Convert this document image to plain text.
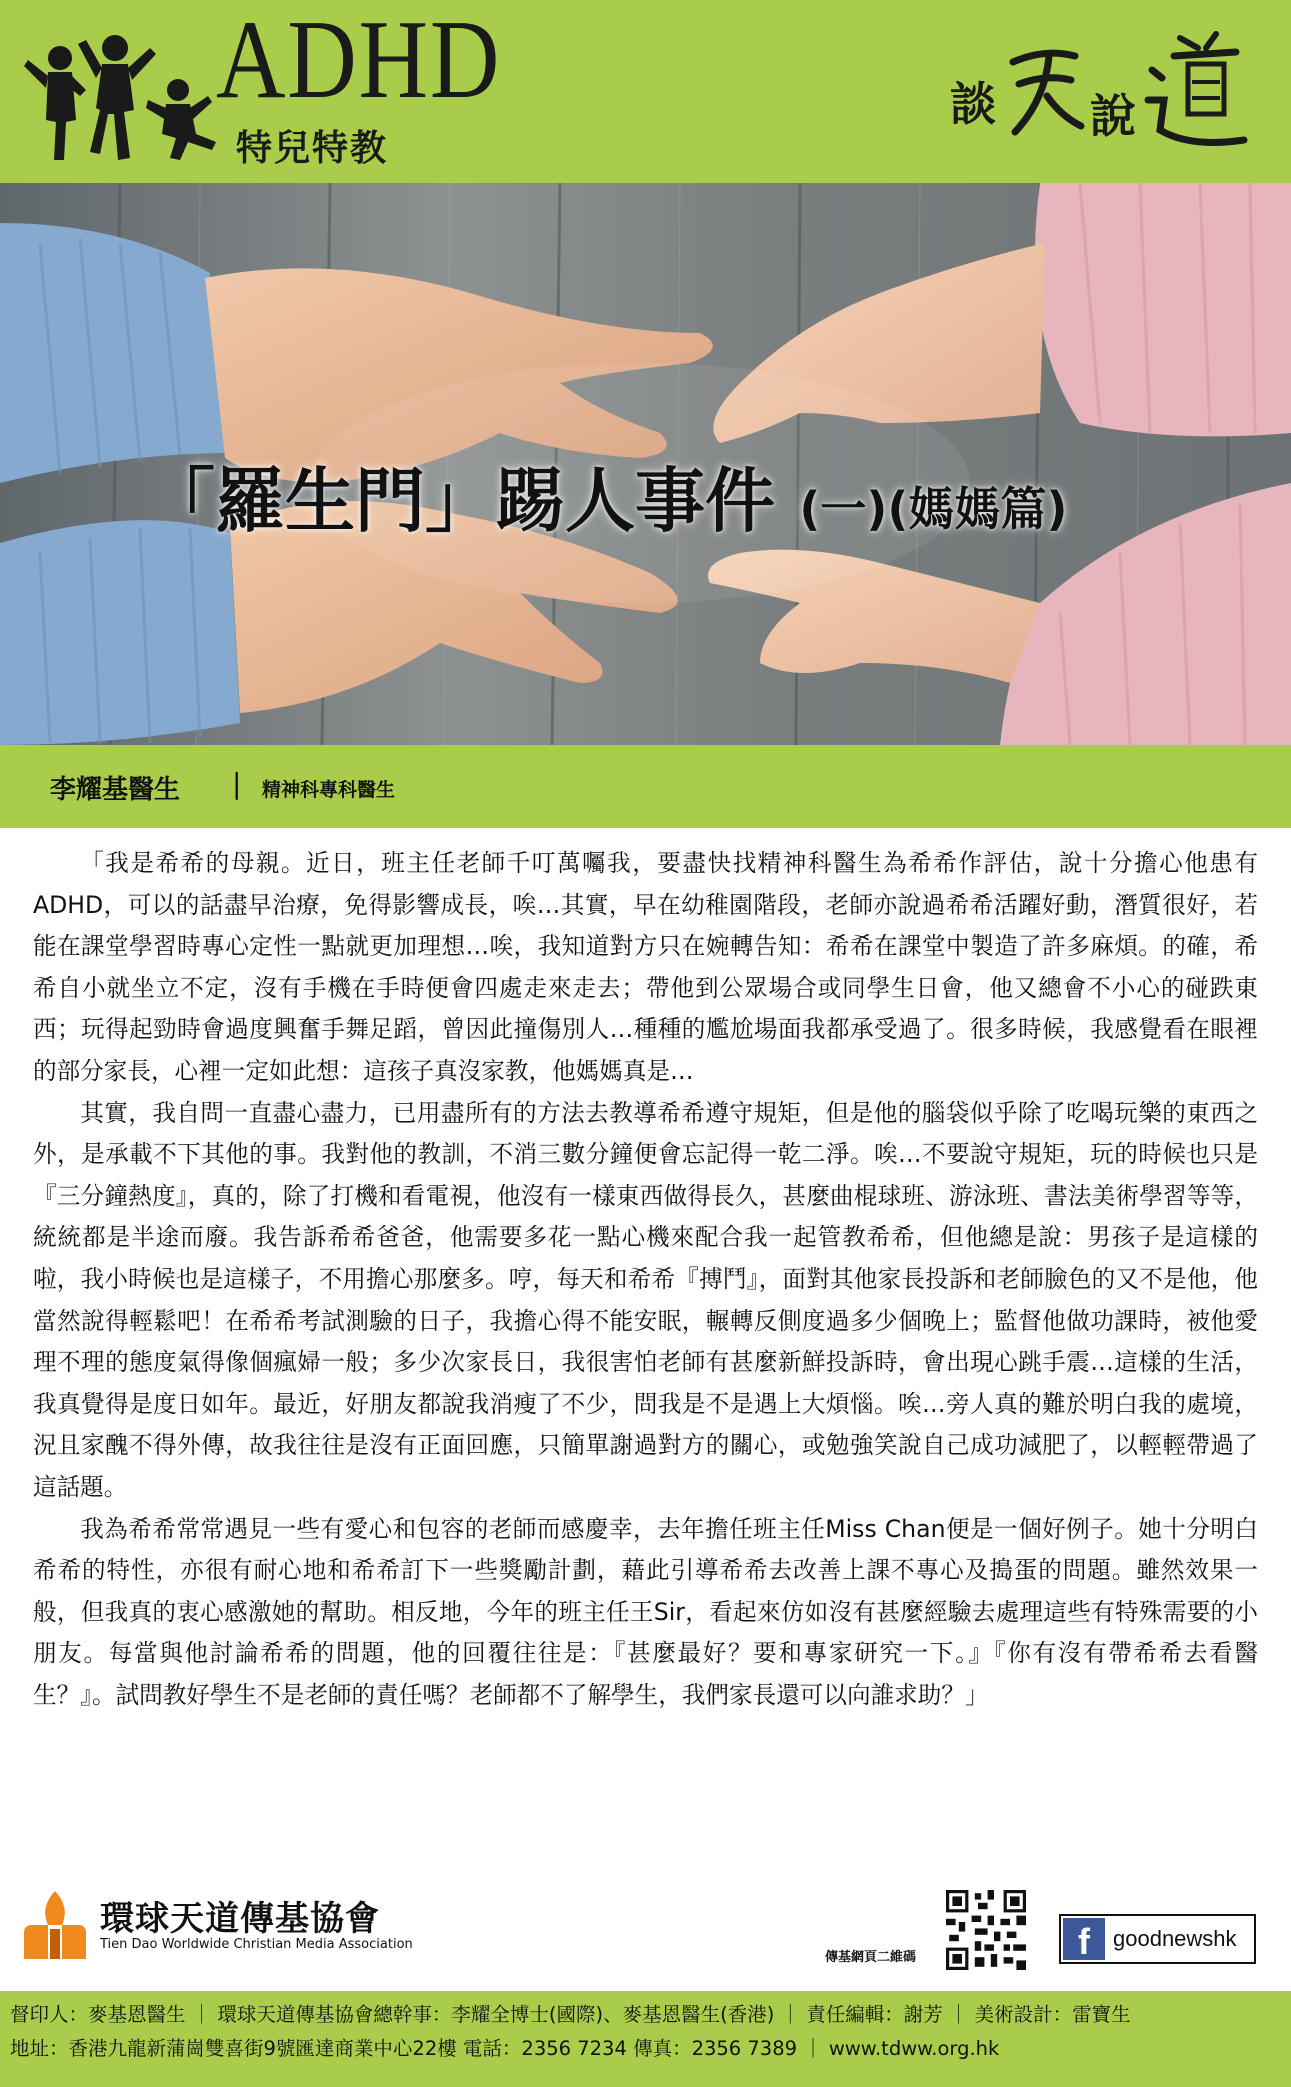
ADHD
特兒特教
談 說
「羅生門」踢人事件 (一)(媽媽篇)
李耀基醫生 | 精神科專科醫生

「我是希希的母親。近日，班主任老師千叮萬囑我，要盡快找精神科醫生為希希作評估，說十分擔心他患有ADHD，可以的話盡早治療，免得影響成長，唉…其實，早在幼稚園階段，老師亦說過希希活躍好動，潛質很好，若能在課堂學習時專心定性一點就更加理想…唉，我知道對方只在婉轉告知：希希在課堂中製造了許多麻煩。的確，希希自小就坐立不定，沒有手機在手時便會四處走來走去；帶他到公眾場合或同學生日會，他又總會不小心的碰跌東西；玩得起勁時會過度興奮手舞足蹈，曾因此撞傷別人…種種的尷尬場面我都承受過了。很多時候，我感覺看在眼裡的部分家長，心裡一定如此想：這孩子真沒家教，他媽媽真是…

其實，我自問一直盡心盡力，已用盡所有的方法去教導希希遵守規矩，但是他的腦袋似乎除了吃喝玩樂的東西之外，是承載不下其他的事。我對他的教訓，不消三數分鐘便會忘記得一乾二淨。唉…不要說守規矩，玩的時候也只是『三分鐘熱度』，真的，除了打機和看電視，他沒有一樣東西做得長久，甚麼曲棍球班、游泳班、書法美術學習等等，統統都是半途而廢。我告訴希希爸爸，他需要多花一點心機來配合我一起管教希希，但他總是說：男孩子是這樣的啦，我小時候也是這樣子，不用擔心那麼多。哼，每天和希希『搏鬥』，面對其他家長投訴和老師臉色的又不是他，他當然說得輕鬆吧！在希希考試測驗的日子，我擔心得不能安眠，輾轉反側度過多少個晚上；監督他做功課時，被他愛理不理的態度氣得像個瘋婦一般；多少次家長日，我很害怕老師有甚麼新鮮投訴時，會出現心跳手震…這樣的生活，我真覺得是度日如年。最近，好朋友都說我消瘦了不少，問我是不是遇上大煩惱。唉…旁人真的難於明白我的處境，況且家醜不得外傳，故我往往是沒有正面回應，只簡單謝過對方的關心，或勉強笑說自己成功減肥了，以輕輕帶過了這話題。

我為希希常常遇見一些有愛心和包容的老師而感慶幸，去年擔任班主任Miss Chan便是一個好例子。她十分明白希希的特性，亦很有耐心地和希希訂下一些獎勵計劃，藉此引導希希去改善上課不專心及搗蛋的問題。雖然效果一般，但我真的衷心感激她的幫助。相反地，今年的班主任王Sir，看起來仿如沒有甚麼經驗去處理這些有特殊需要的小朋友。每當與他討論希希的問題，他的回覆往往是：『甚麼最好？要和專家研究一下。』『你有沒有帶希希去看醫生？』。試問教好學生不是老師的責任嗎？老師都不了解學生，我們家長還可以向誰求助？」

環球天道傳基協會
Tien Dao Worldwide Christian Media Association
傳基網頁二維碼	f	goodnewshk
督印人：麥基恩醫生 ｜ 環球天道傳基協會總幹事：李耀全博士(國際)、麥基恩醫生(香港) ｜ 責任編輯：謝芳 ｜ 美術設計：雷寶生
地址：香港九龍新蒲崗雙喜街9號匯達商業中心22樓 電話：2356 7234 傳真：2356 7389 ｜ www.tdww.org.hk
